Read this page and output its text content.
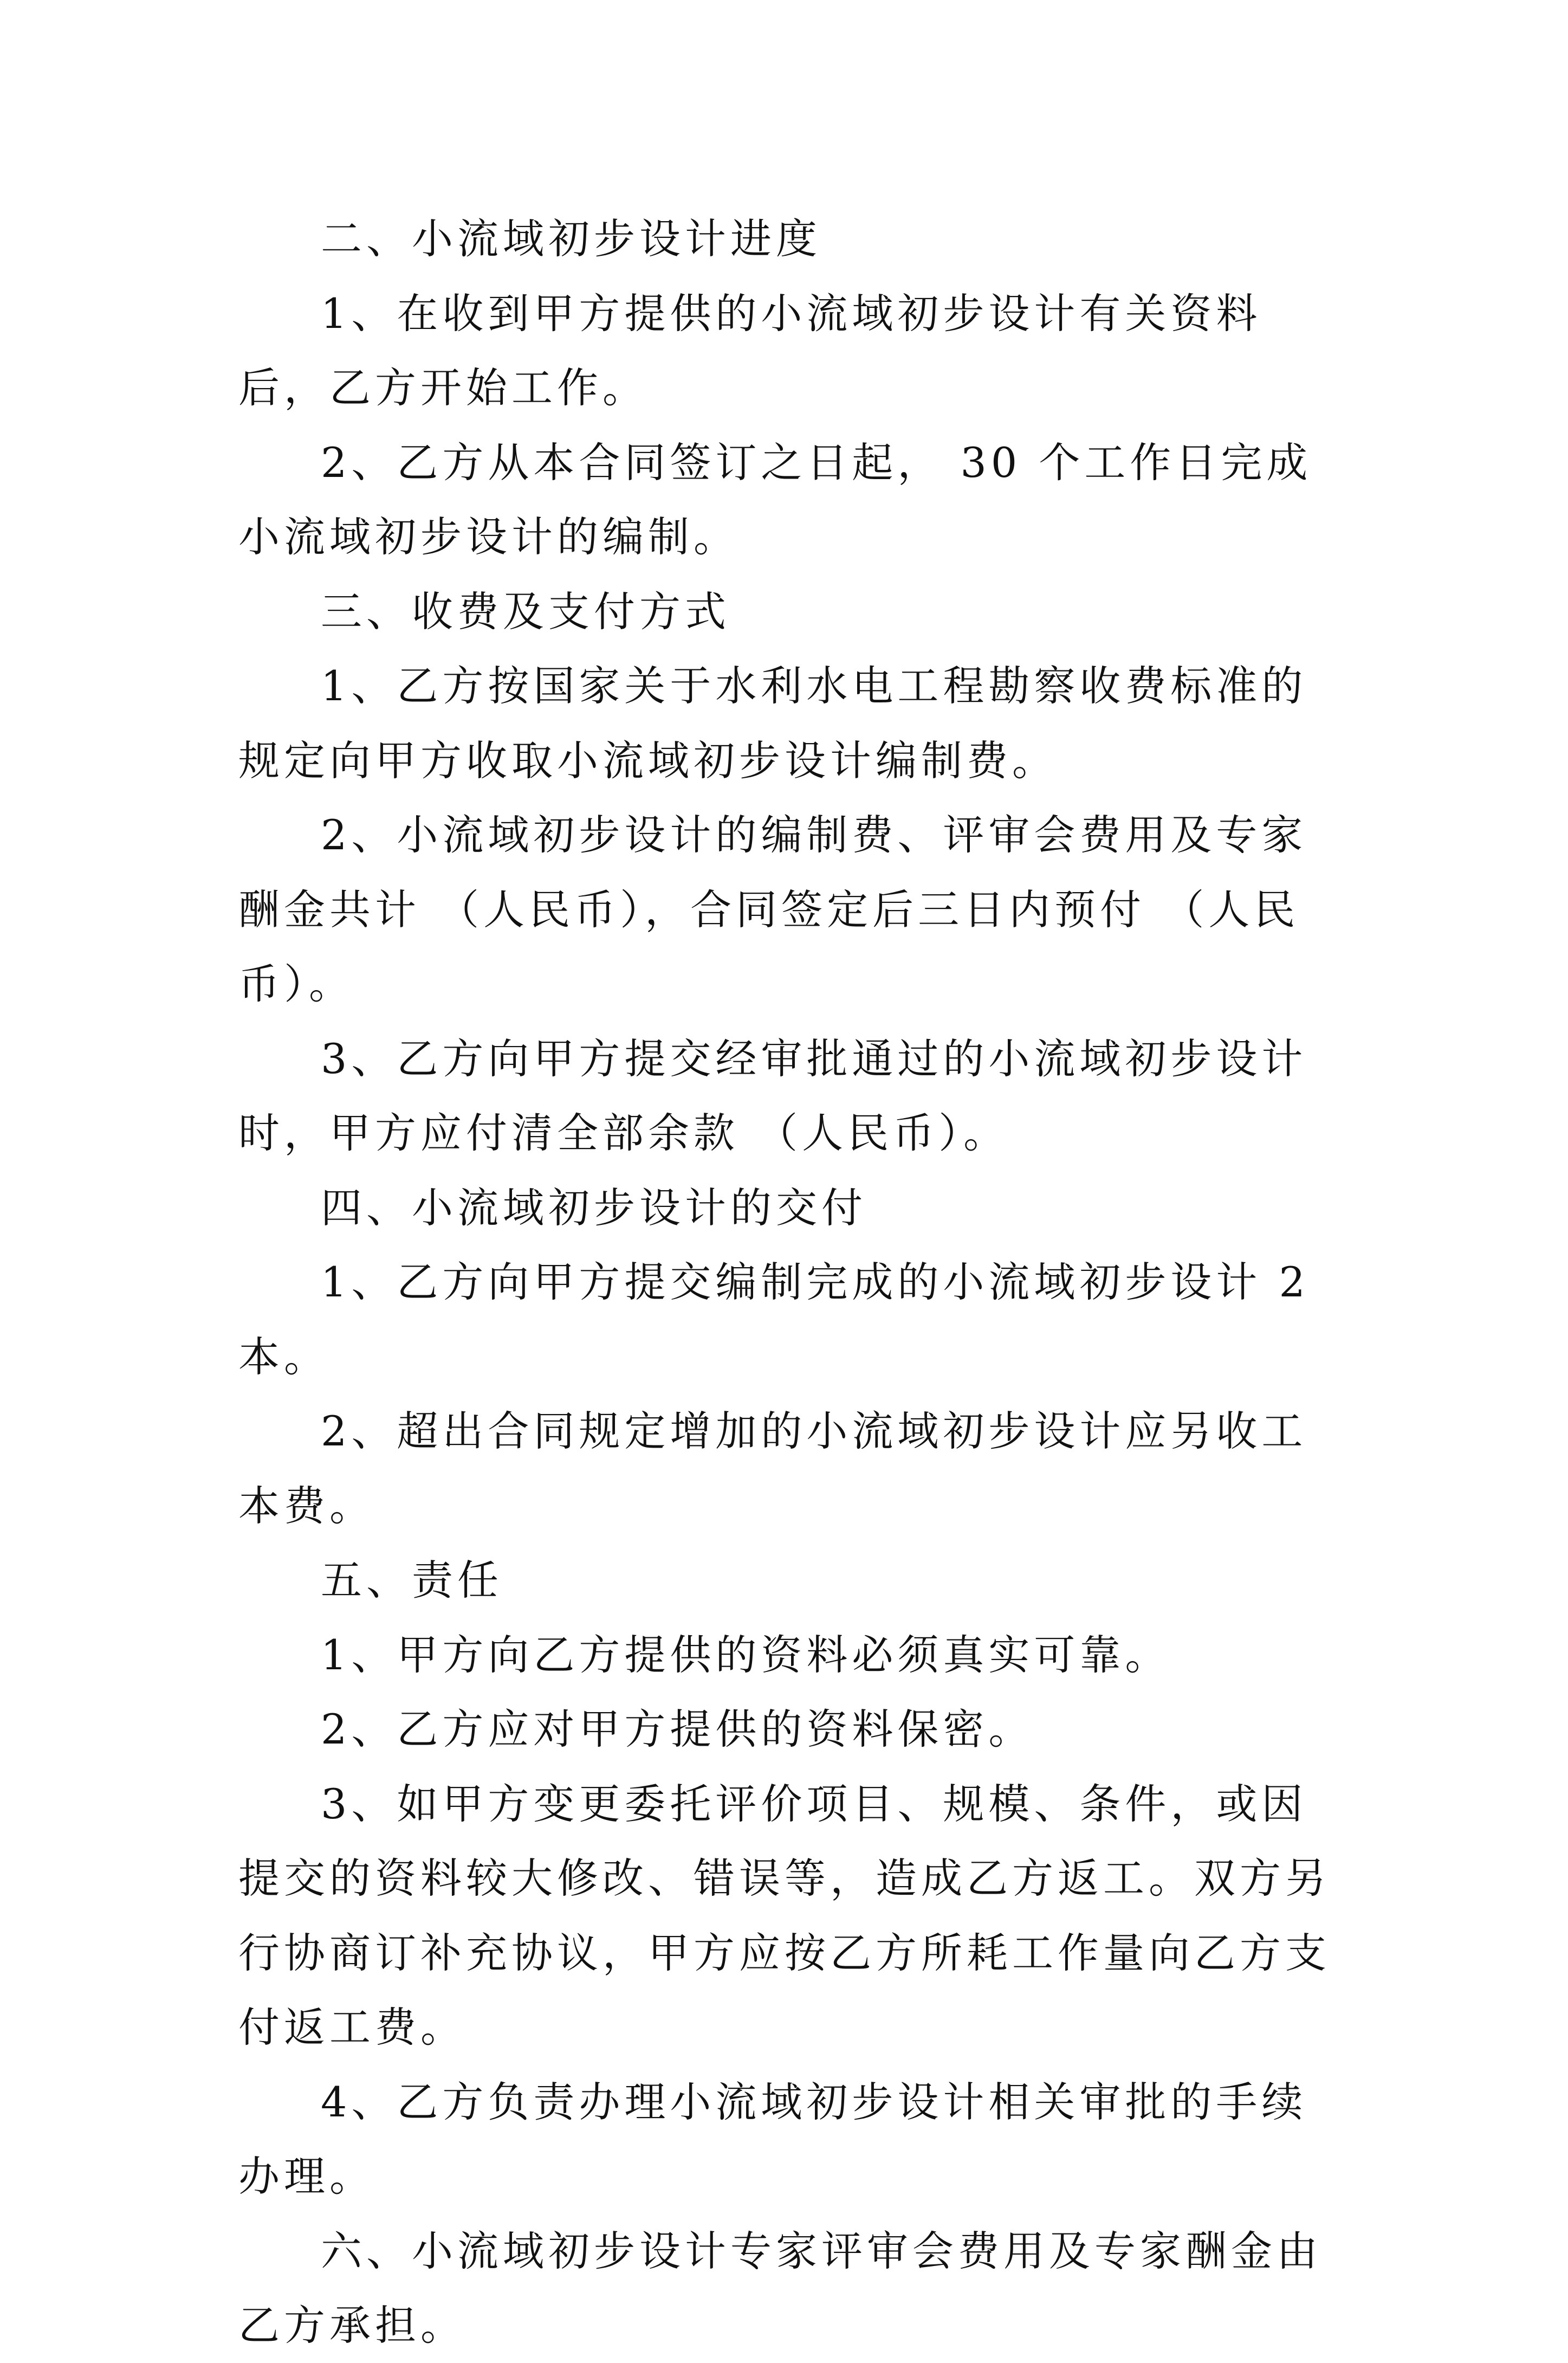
二、小流域初步设计进度

1、在收到甲方提供的小流域初步设计有关资料后，乙方开始工作。

2、乙方从本合同签订之日起， 30 个工作日完成小流域初步设计的编制。

三、收费及支付方式

1、乙方按国家关于水利水电工程勘察收费标准的规定向甲方收取小流域初步设计编制费。

2、小流域初步设计的编制费、评审会费用及专家酬金共计 （人民币），合同签定后三日内预付 （人民币）。

3、乙方向甲方提交经审批通过的小流域初步设计时，甲方应付清全部余款 （人民币）。

四、小流域初步设计的交付

1、乙方向甲方提交编制完成的小流域初步设计 2 本。

2、超出合同规定增加的小流域初步设计应另收工本费。

五、责任

1、甲方向乙方提供的资料必须真实可靠。

2、乙方应对甲方提供的资料保密。

3、如甲方变更委托评价项目、规模、条件，或因提交的资料较大修改、错误等，造成乙方返工。双方另行协商订补充协议，甲方应按乙方所耗工作量向乙方支付返工费。

4、乙方负责办理小流域初步设计相关审批的手续办理。

六、小流域初步设计专家评审会费用及专家酬金由 乙方承担。
